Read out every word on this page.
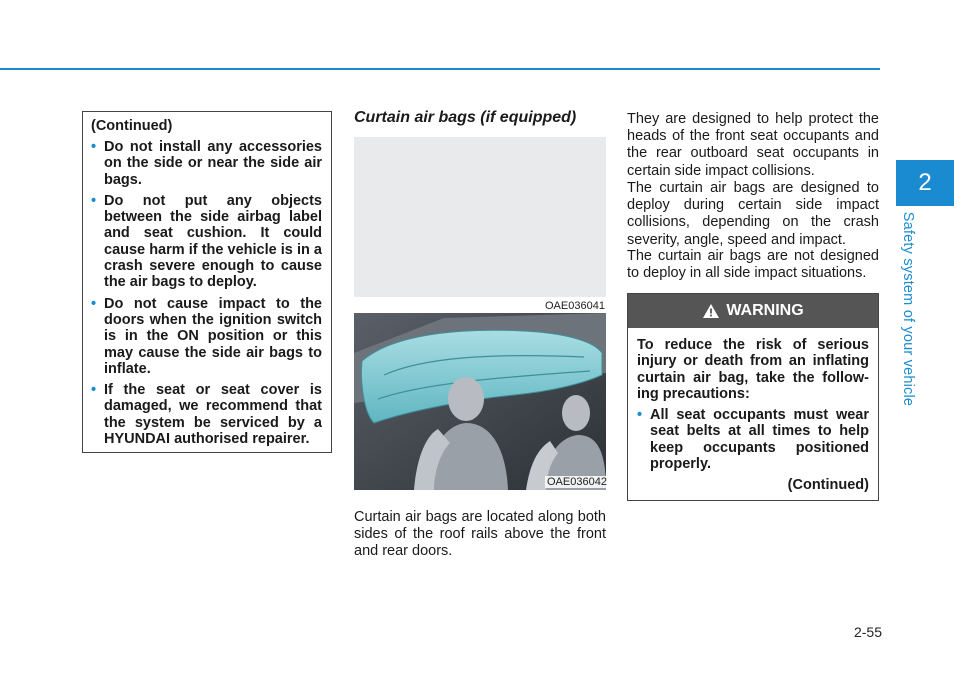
2
Safety system of your vehicle
(Continued)
• Do not install any accessories on the side or near the side air bags.
• Do not put any objects between the side airbag label and seat cushion. It could cause harm if the vehicle is in a crash severe enough to cause the air bags to deploy.
• Do not cause impact to the doors when the ignition switch is in the ON position or this may cause the side air bags to inflate.
• If the seat or seat cover is damaged, we recommend that the system be serviced by a HYUNDAI authorised repairer.
Curtain air bags (if equipped)
OAE036041
OAE036042
Curtain air bags are located along both sides of the roof rails above the front and rear doors.
They are designed to help protect the heads of the front seat occupants and the rear outboard seat occupants in certain side impact collisions.
The curtain air bags are designed to deploy during certain side impact collisions, depending on the crash severity, angle, speed and impact.
The curtain air bags are not designed to deploy in all side impact situations.
WARNING
To reduce the risk of serious injury or death from an inflating curtain air bag, take the follow-ing precautions:
• All seat occupants must wear seat belts at all times to help keep occupants positioned properly.
(Continued)
2-55
